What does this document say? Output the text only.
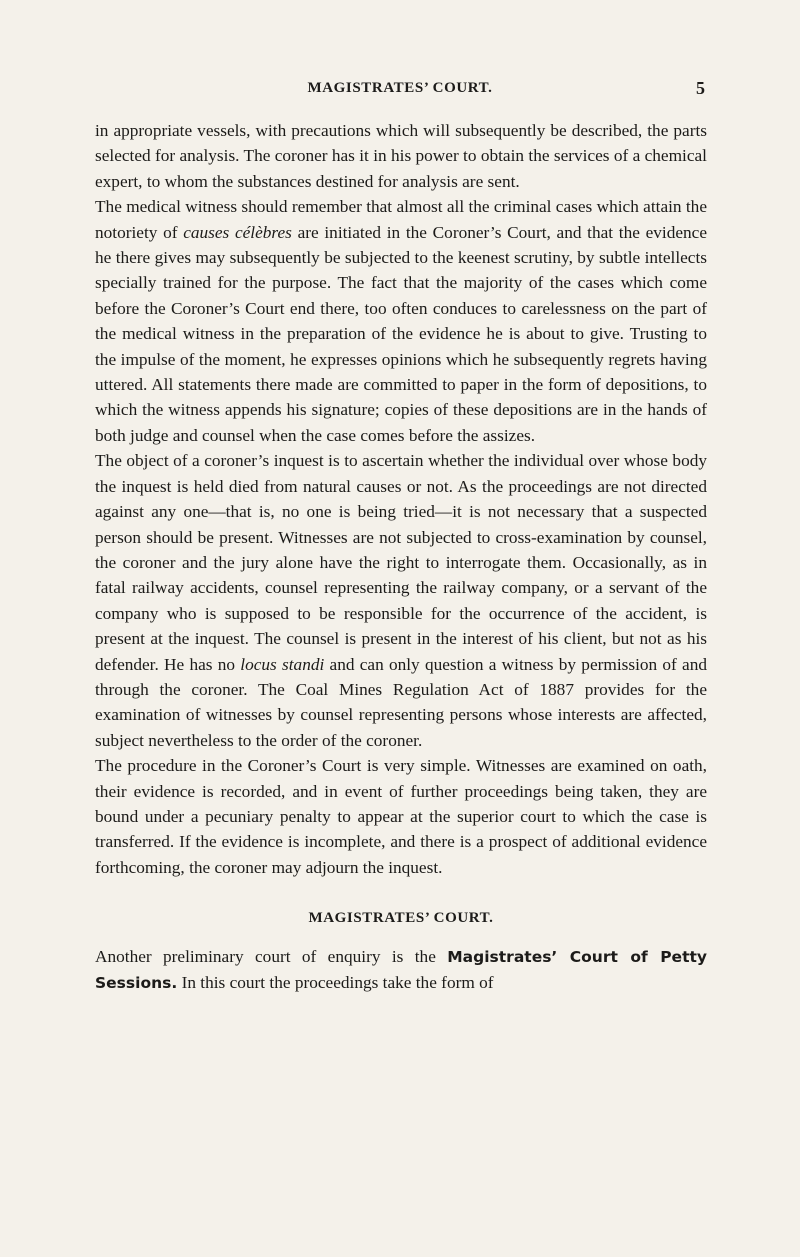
MAGISTRATES’ COURT.	5

in appropriate vessels, with precautions which will subsequently be described, the parts selected for analysis. The coroner has it in his power to obtain the services of a chemical expert, to whom the substances destined for analysis are sent.

The medical witness should remember that almost all the criminal cases which attain the notoriety of causes célèbres are initiated in the Coroner’s Court, and that the evidence he there gives may subsequently be subjected to the keenest scrutiny, by subtle intellects specially trained for the purpose. The fact that the majority of the cases which come before the Coroner’s Court end there, too often conduces to carelessness on the part of the medical witness in the preparation of the evidence he is about to give. Trusting to the impulse of the moment, he expresses opinions which he subsequently regrets having uttered. All statements there made are committed to paper in the form of depositions, to which the witness appends his signature; copies of these depositions are in the hands of both judge and counsel when the case comes before the assizes.

The object of a coroner’s inquest is to ascertain whether the individual over whose body the inquest is held died from natural causes or not. As the proceedings are not directed against any one—that is, no one is being tried—it is not necessary that a suspected person should be present. Witnesses are not subjected to cross-examination by counsel, the coroner and the jury alone have the right to interrogate them. Occasionally, as in fatal railway accidents, counsel representing the railway company, or a servant of the company who is supposed to be responsible for the occurrence of the accident, is present at the inquest. The counsel is present in the interest of his client, but not as his defender. He has no locus standi and can only question a witness by permission of and through the coroner. The Coal Mines Regulation Act of 1887 provides for the examination of witnesses by counsel representing persons whose interests are affected, subject nevertheless to the order of the coroner.

The procedure in the Coroner’s Court is very simple. Witnesses are examined on oath, their evidence is recorded, and in event of further proceedings being taken, they are bound under a pecuniary penalty to appear at the superior court to which the case is transferred. If the evidence is incomplete, and there is a prospect of additional evidence forthcoming, the coroner may adjourn the inquest.

MAGISTRATES’ COURT.

Another preliminary court of enquiry is the Magistrates’ Court of Petty Sessions. In this court the proceedings take the form of
